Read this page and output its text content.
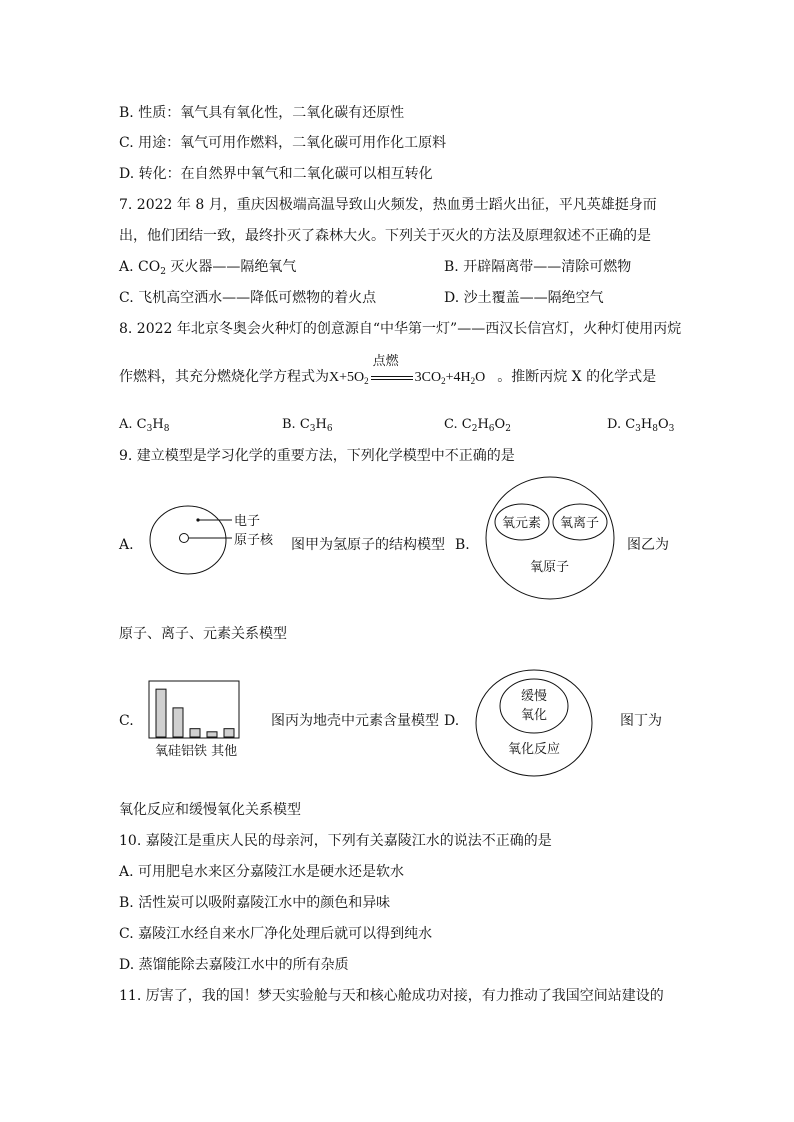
B. 性质：氧气具有氧化性，二氧化碳有还原性
C. 用途：氧气可用作燃料，二氧化碳可用作化工原料
D. 转化：在自然界中氧气和二氧化碳可以相互转化
7. 2022 年 8 月，重庆因极端高温导致山火频发，热血勇士蹈火出征，平凡英雄挺身而
出，他们团结一致，最终扑灭了森林大火。下列关于灭火的方法及原理叙述不正确的是
A. $CO_2$ 灭火器——隔绝氧气	B. 开辟隔离带——清除可燃物
C. 飞机高空洒水——降低可燃物的着火点	D. 沙土覆盖——隔绝空气
8. 2022 年北京冬奥会火种灯的创意源自“中华第一灯”——西汉长信宫灯，火种灯使用丙烷
作燃料，其充分燃烧化学方程式为$X+5O_2$
点燃
$3CO_2+4H_2O$ 。推断丙烷 X 的化学式是
A. $C_3H_8$	B. $C_3H_6$	C. $C_2H_6O_2$	D. $C_3H_8O_3$
9. 建立模型是学习化学的重要方法，下列化学模型中不正确的是
A.
电子
原子核 图甲为氢原子的结构模型 B.
氧元素 氧离子
氧原子
图乙为
原子、离子、元素关系模型
C.
氧硅铝铁 其他
图丙为地壳中元素含量模型 D.
缓慢
氧化
氧化反应
图丁为
氧化反应和缓慢氧化关系模型
10. 嘉陵江是重庆人民的母亲河，下列有关嘉陵江水的说法不正确的是
A. 可用肥皂水来区分嘉陵江水是硬水还是软水
B. 活性炭可以吸附嘉陵江水中的颜色和异味
C. 嘉陵江水经自来水厂净化处理后就可以得到纯水
D. 蒸馏能除去嘉陵江水中的所有杂质
11. 厉害了，我的国！梦天实验舱与天和核心舱成功对接，有力推动了我国空间站建设的
